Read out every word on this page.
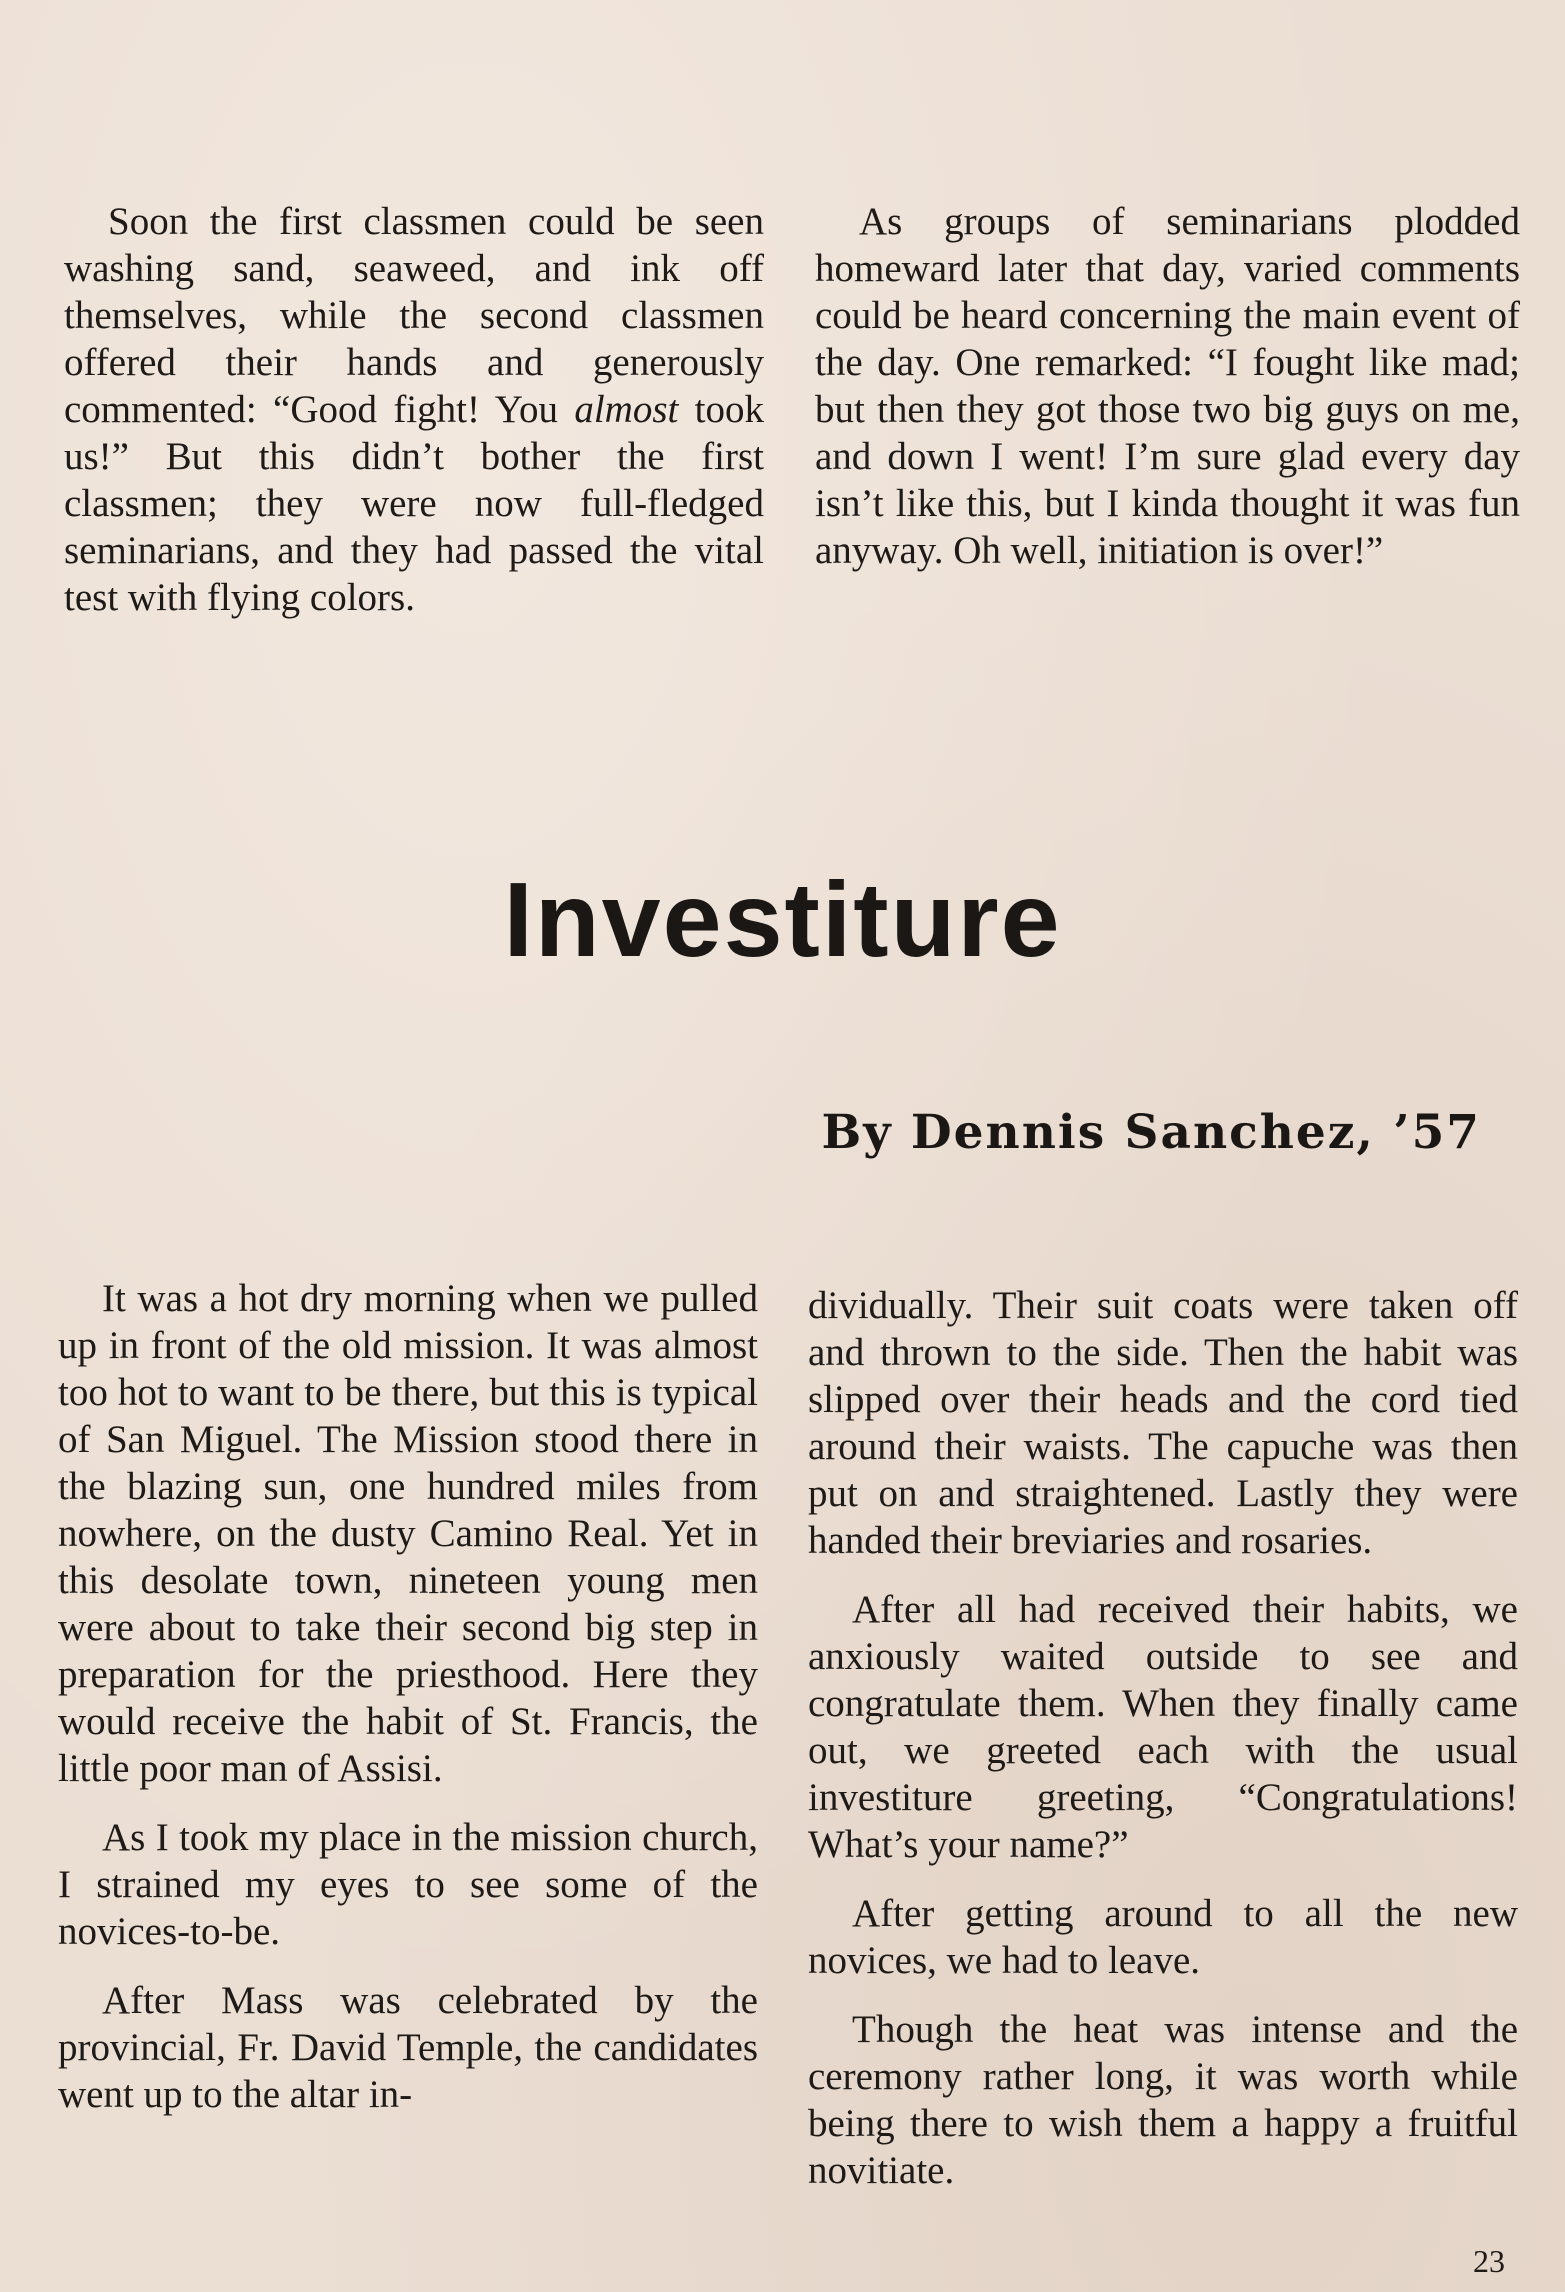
Soon the first classmen could be seen washing sand, seaweed, and ink off themselves, while the second classmen offered their hands and generously commented: “Good fight! You almost took us!” But this didn’t bother the first classmen; they were now full-fledged seminarians, and they had passed the vital test with flying colors.

As groups of seminarians plodded homeward later that day, varied comments could be heard concerning the main event of the day. One remarked: “I fought like mad; but then they got those two big guys on me, and down I went! I’m sure glad every day isn’t like this, but I kinda thought it was fun anyway. Oh well, initiation is over!”

Investiture
By Dennis Sanchez, ’57

It was a hot dry morning when we pulled up in front of the old mission. It was almost too hot to want to be there, but this is typical of San Miguel. The Mission stood there in the blazing sun, one hundred miles from nowhere, on the dusty Camino Real. Yet in this desolate town, nineteen young men were about to take their second big step in preparation for the priesthood. Here they would receive the habit of St. Francis, the little poor man of Assisi.

As I took my place in the mission church, I strained my eyes to see some of the novices-to-be.

After Mass was celebrated by the provincial, Fr. David Temple, the candidates went up to the altar in-

dividually. Their suit coats were taken off and thrown to the side. Then the habit was slipped over their heads and the cord tied around their waists. The capuche was then put on and straightened. Lastly they were handed their breviaries and rosaries.

After all had received their habits, we anxiously waited outside to see and congratulate them. When they finally came out, we greeted each with the usual investiture greeting, “Congratulations! What’s your name?”

After getting around to all the new novices, we had to leave.

Though the heat was intense and the ceremony rather long, it was worth while being there to wish them a happy a fruitful novitiate.

23
